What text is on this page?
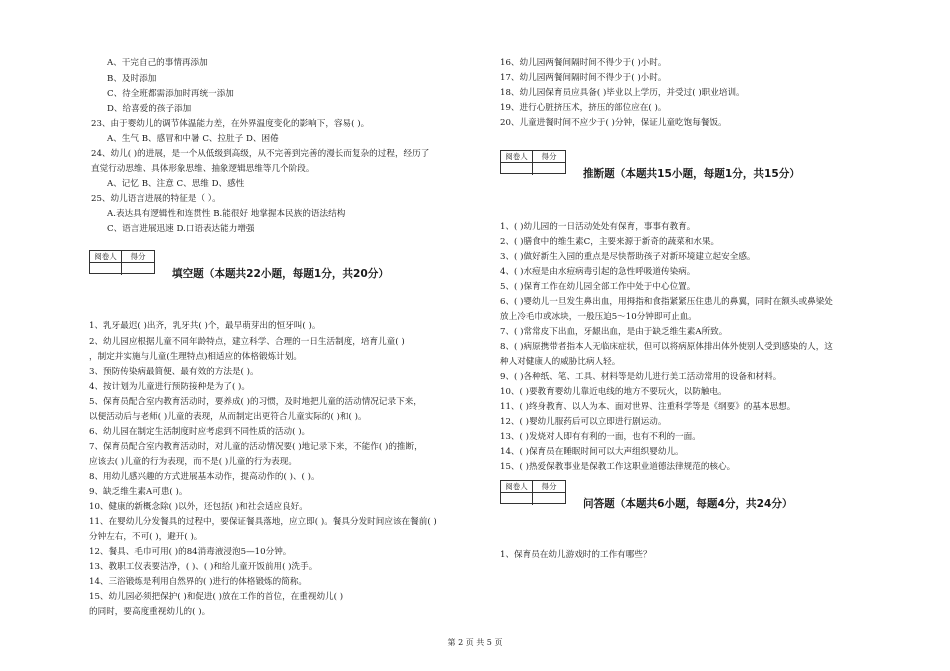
A、干完自己的事情再添加
B、及时添加
C、待全班都需添加时再统一添加
D、给喜爱的孩子添加
23、由于婴幼儿的调节体温能力差，在外界温度变化的影响下，容易( )。
A、生气 B、感冒和中暑 C、拉肚子 D、困倦
24、幼儿( )的进展，是一个从低级到高级，从不完善到完善的漫长而复杂的过程，经历了
直觉行动思维、具体形象思维、抽象逻辑思维等几个阶段。
A、记忆 B、注意 C、思维 D、感性
25、幼儿语言进展的特征是（ ）。
A.表达具有逻辑性和连贯性 B.能很好 地掌握本民族的语法结构
C、语言进展迅速 D.口语表达能力增强
阅卷人	得分
填空题（本题共22小题，每题1分，共20分）
1、乳牙最迟( )出齐，乳牙共( )个，最早萌芽出的恒牙叫( )。
2、幼儿园应根据儿童不同年龄特点，建立科学、合理的一日生活制度，培育儿童( )
，制定并实施与儿童(生理特点)相适应的体格锻炼计划。
3、预防传染病最简便、最有效的方法是( )。
4、按计划为儿童进行预防接种是为了( )。
5、保育员配合室内教育活动时，要养成( )的习惯，及时地把儿童的活动情况记录下来，
以便活动后与老师( )儿童的表现，从而制定出更符合儿童实际的( )和( )。
6、幼儿园在制定生活制度时应考虑到不同性质的活动( )。
7、保育员配合室内教育活动时，对儿童的活动情况要( )地记录下来，不能作( )的推断，
应该去( )儿童的行为表现，而不是( )儿童的行为表现。
8、用幼儿感兴趣的方式进展基本动作，提高动作的( )、( )。
9、缺乏维生素A可患( )。
10、健康的新概念除( )以外，还包括( )和社会适应良好。
11、在婴幼儿分发餐具的过程中，要保证餐具落地，应立即( )。餐具分发时间应该在餐前( )
分钟左右，不可( )，避开( )。
12、餐具、毛巾可用( )的84消毒液浸泡5—10分钟。
13、教职工仪表要洁净，( )、( )和给儿童开饭前用( )洗手。
14、三浴锻炼是利用自然界的( )进行的体格锻炼的简称。
15、幼儿园必须把保护( )和促进( )放在工作的首位，在重视幼儿( )
的同时，要高度重视幼儿的( )。
16、幼儿园两餐间隔时间不得少于( )小时。
17、幼儿园两餐间隔时间不得少于( )小时。
18、幼儿园保育员应具备( )毕业以上学历，并受过( )职业培训。
19、进行心脏挤压术，挤压的部位应在( )。
20、儿童进餐时间不应少于( )分钟，保证儿童吃饱每餐饭。
阅卷人	得分
推断题（本题共15小题，每题1分，共15分）
1、( )幼儿园的一日活动处处有保育，事事有教育。
2、( )膳食中的维生素C，主要来源于新奇的蔬菜和水果。
3、( )做好新生入园的重点是尽快帮助孩子对新环境建立起安全感。
4、( )水痘是由水痘病毒引起的急性呼吸道传染病。
5、( )保育工作在幼儿园全部工作中处于中心位置。
6、( )婴幼儿一旦发生鼻出血，用拇指和食指紧紧压住患儿的鼻翼，同时在额头或鼻梁处
放上冷毛巾或冰块，一般压迫5～10分钟即可止血。
7、( )常常皮下出血，牙龈出血，是由于缺乏维生素A所致。
8、( )病原携带者指本人无临床症状，但可以将病原体排出体外使别人受到感染的人，这
种人对健康人的威胁比病人轻。
9、( )各种纸、笔、工具、材料等是幼儿进行美工活动常用的设备和材料。
10、( )要教育婴幼儿靠近电线的地方不要玩火，以防触电。
11、( )终身教育、以人为本、面对世界、注重科学等是《纲要》的基本思想。
12、( )婴幼儿服药后可以立即进行剧运动。
13、( )发烧对人即有有利的一面，也有不利的一面。
14、( )保育员在睡眠时间可以大声组织婴幼儿。
15、( )热爱保教事业是保教工作这职业道德法律规范的核心。
阅卷人	得分
问答题（本题共6小题，每题4分，共24分）
1、保育员在幼儿游戏时的工作有哪些？
第 2 页 共 5 页
